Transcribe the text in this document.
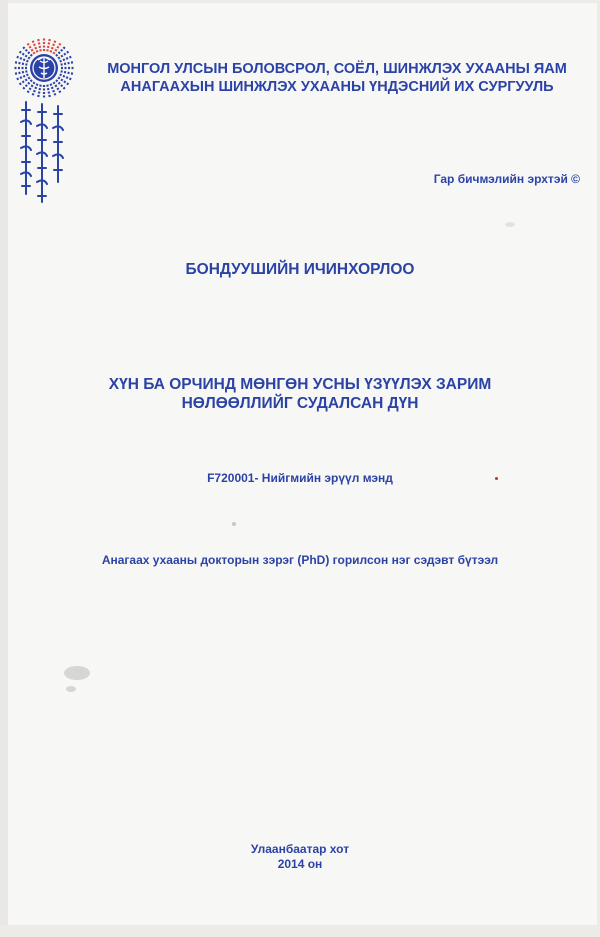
МОНГОЛ УЛСЫН БОЛОВСРОЛ, СОЁЛ, ШИНЖЛЭХ УХААНЫ ЯАМ
АНАГААХЫН ШИНЖЛЭХ УХААНЫ ҮНДЭСНИЙ ИХ СУРГУУЛЬ
Гар бичмэлийн эрхтэй ©
БОНДУУШИЙН ИЧИНХОРЛОО
ХҮН БА ОРЧИНД МӨНГӨН УСНЫ ҮЗҮҮЛЭХ ЗАРИМ
НӨЛӨӨЛЛИЙГ СУДАЛСАН ДҮН
F720001- Нийгмийн эрүүл мэнд
Анагаах ухааны докторын зэрэг (PhD) горилсон нэг сэдэвт бүтээл
Улаанбаатар хот
2014 он
